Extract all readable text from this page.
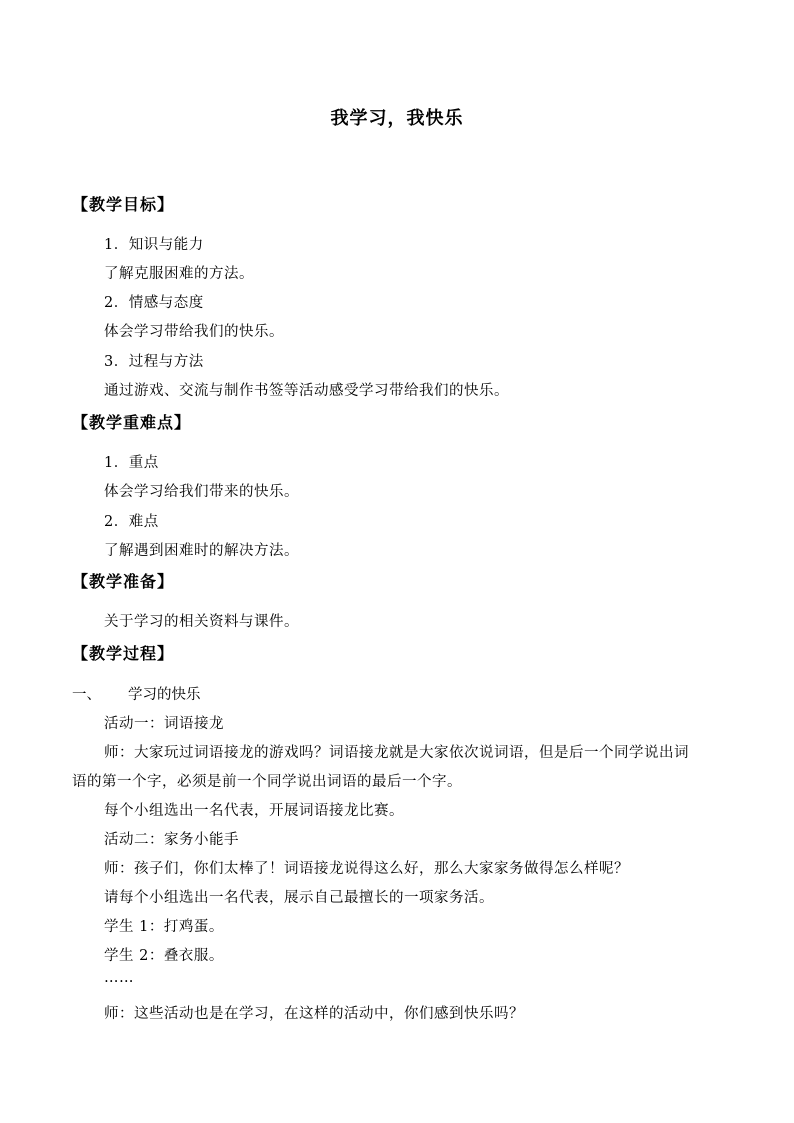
我学习，我快乐
【教学目标】
1．知识与能力
了解克服困难的方法。
2．情感与态度
体会学习带给我们的快乐。
3．过程与方法
通过游戏、交流与制作书签等活动感受学习带给我们的快乐。
【教学重难点】
1．重点
体会学习给我们带来的快乐。
2．难点
了解遇到困难时的解决方法。
【教学准备】
关于学习的相关资料与课件。
【教学过程】
一、 学习的快乐
活动一：词语接龙
师：大家玩过词语接龙的游戏吗？词语接龙就是大家依次说词语，但是后一个同学说出词
语的第一个字，必须是前一个同学说出词语的最后一个字。
每个小组选出一名代表，开展词语接龙比赛。
活动二：家务小能手
师：孩子们，你们太棒了！词语接龙说得这么好，那么大家家务做得怎么样呢？
请每个小组选出一名代表，展示自己最擅长的一项家务活。
学生 1：打鸡蛋。
学生 2：叠衣服。
……
师：这些活动也是在学习，在这样的活动中，你们感到快乐吗？
